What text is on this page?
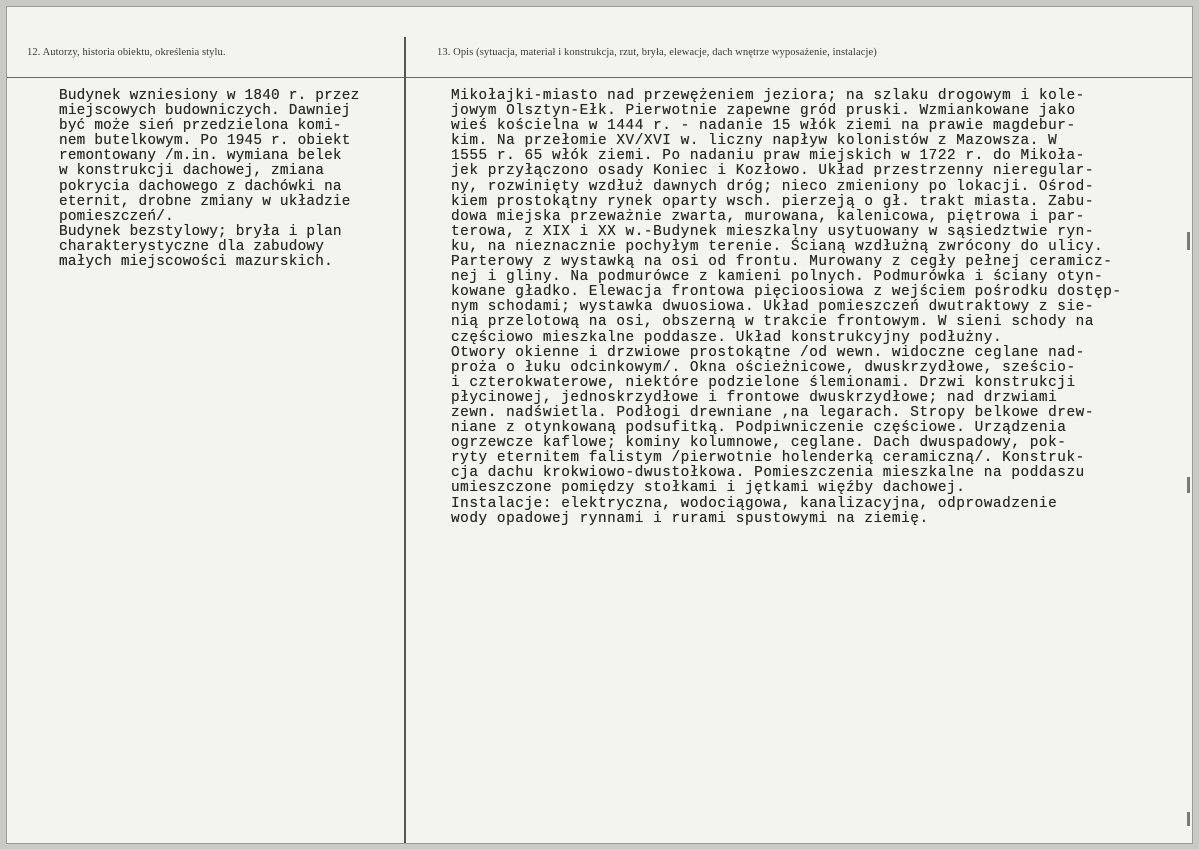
12. Autorzy, historia obiektu, określenia stylu.	13. Opis (sytuacja, materiał i konstrukcja, rzut, bryła, elewacje, dach wnętrze wyposażenie, instalacje)
Budynek wzniesiony w 1840 r. przez
miejscowych budowniczych. Dawniej
być może sień przedzielona komi-
nem butelkowym. Po 1945 r. obiekt
remontowany /m.in. wymiana belek
w konstrukcji dachowej, zmiana
pokrycia dachowego z dachówki na
eternit, drobne zmiany w układzie
pomieszczeń/.
Budynek bezstylowy; bryła i plan
charakterystyczne dla zabudowy
małych miejscowości mazurskich.
Mikołajki-miasto nad przewężeniem jeziora; na szlaku drogowym i kole-
jowym Olsztyn-Ełk. Pierwotnie zapewne gród pruski. Wzmiankowane jako
wieś kościelna w 1444 r. - nadanie 15 włók ziemi na prawie magdebur-
kim. Na przełomie XV/XVI w. liczny napływ kolonistów z Mazowsza. W
1555 r. 65 włók ziemi. Po nadaniu praw miejskich w 1722 r. do Mikoła-
jek przyłączono osady Koniec i Kozłowo. Układ przestrzenny nieregular-
ny, rozwinięty wzdłuż dawnych dróg; nieco zmieniony po lokacji. Ośrod-
kiem prostokątny rynek oparty wsch. pierzeją o gł. trakt miasta. Zabu-
dowa miejska przeważnie zwarta, murowana, kalenicowa, piętrowa i par-
terowa, z XIX i XX w.-Budynek mieszkalny usytuowany w sąsiedztwie ryn-
ku, na nieznacznie pochyłym terenie. Ścianą wzdłużną zwrócony do ulicy.
Parterowy z wystawką na osi od frontu. Murowany z cegły pełnej ceramicz-
nej i gliny. Na podmurówce z kamieni polnych. Podmurówka i ściany otyn-
kowane gładko. Elewacja frontowa pięcioosiowa z wejściem pośrodku dostęp-
nym schodami; wystawka dwuosiowa. Układ pomieszczeń dwutraktowy z sie-
nią przelotową na osi, obszerną w trakcie frontowym. W sieni schody na
częściowo mieszkalne poddasze. Układ konstrukcyjny podłużny.
Otwory okienne i drzwiowe prostokątne /od wewn. widoczne ceglane nad-
proża o łuku odcinkowym/. Okna ościeżnicowe, dwuskrzydłowe, sześcio-
i czterokwaterowe, niektóre podzielone ślemionami. Drzwi konstrukcji
płycinowej, jednoskrzydłowe i frontowe dwuskrzydłowe; nad drzwiami
zewn. nadświetla. Podłogi drewniane ,na legarach. Stropy belkowe drew-
niane z otynkowaną podsufitką. Podpiwniczenie częściowe. Urządzenia
ogrzewcze kaflowe; kominy kolumnowe, ceglane. Dach dwuspadowy, pok-
ryty eternitem falistym /pierwotnie holenderką ceramiczną/. Konstruk-
cja dachu krokwiowo-dwustołkowa. Pomieszczenia mieszkalne na poddaszu
umieszczone pomiędzy stołkami i jętkami więźby dachowej.
Instalacje: elektryczna, wodociągowa, kanalizacyjna, odprowadzenie
wody opadowej rynnami i rurami spustowymi na ziemię.
